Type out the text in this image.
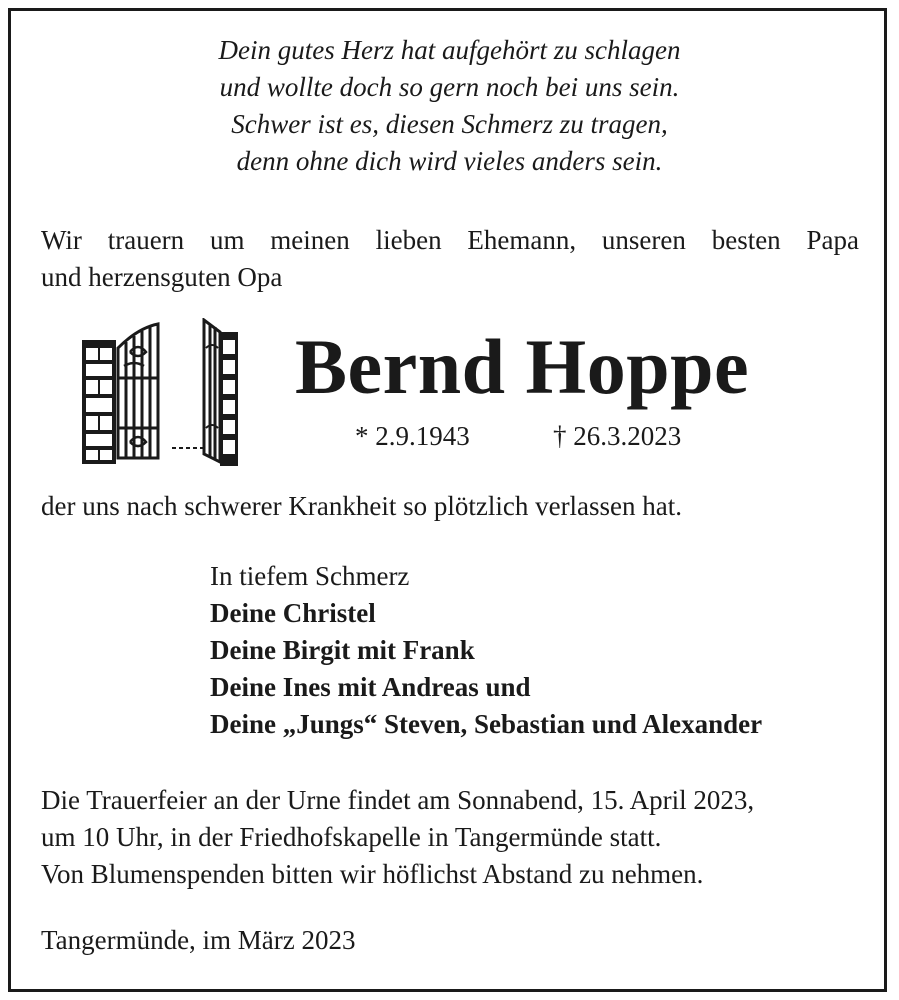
Dein gutes Herz hat aufgehört zu schlagen
und wollte doch so gern noch bei uns sein.
Schwer ist es, diesen Schmerz zu tragen,
denn ohne dich wird vieles anders sein.
Wir trauern um meinen lieben Ehemann, unseren besten Papa
und herzensguten Opa
Bernd Hoppe
* 2.9.1943	† 26.3.2023
der uns nach schwerer Krankheit so plötzlich verlassen hat.
In tiefem Schmerz
Deine Christel
Deine Birgit mit Frank
Deine Ines mit Andreas und
Deine „Jungs“ Steven, Sebastian und Alexander
Die Trauerfeier an der Urne findet am Sonnabend, 15. April 2023,
um 10 Uhr, in der Friedhofskapelle in Tangermünde statt.
Von Blumenspenden bitten wir höflichst Abstand zu nehmen.
Tangermünde, im März 2023
